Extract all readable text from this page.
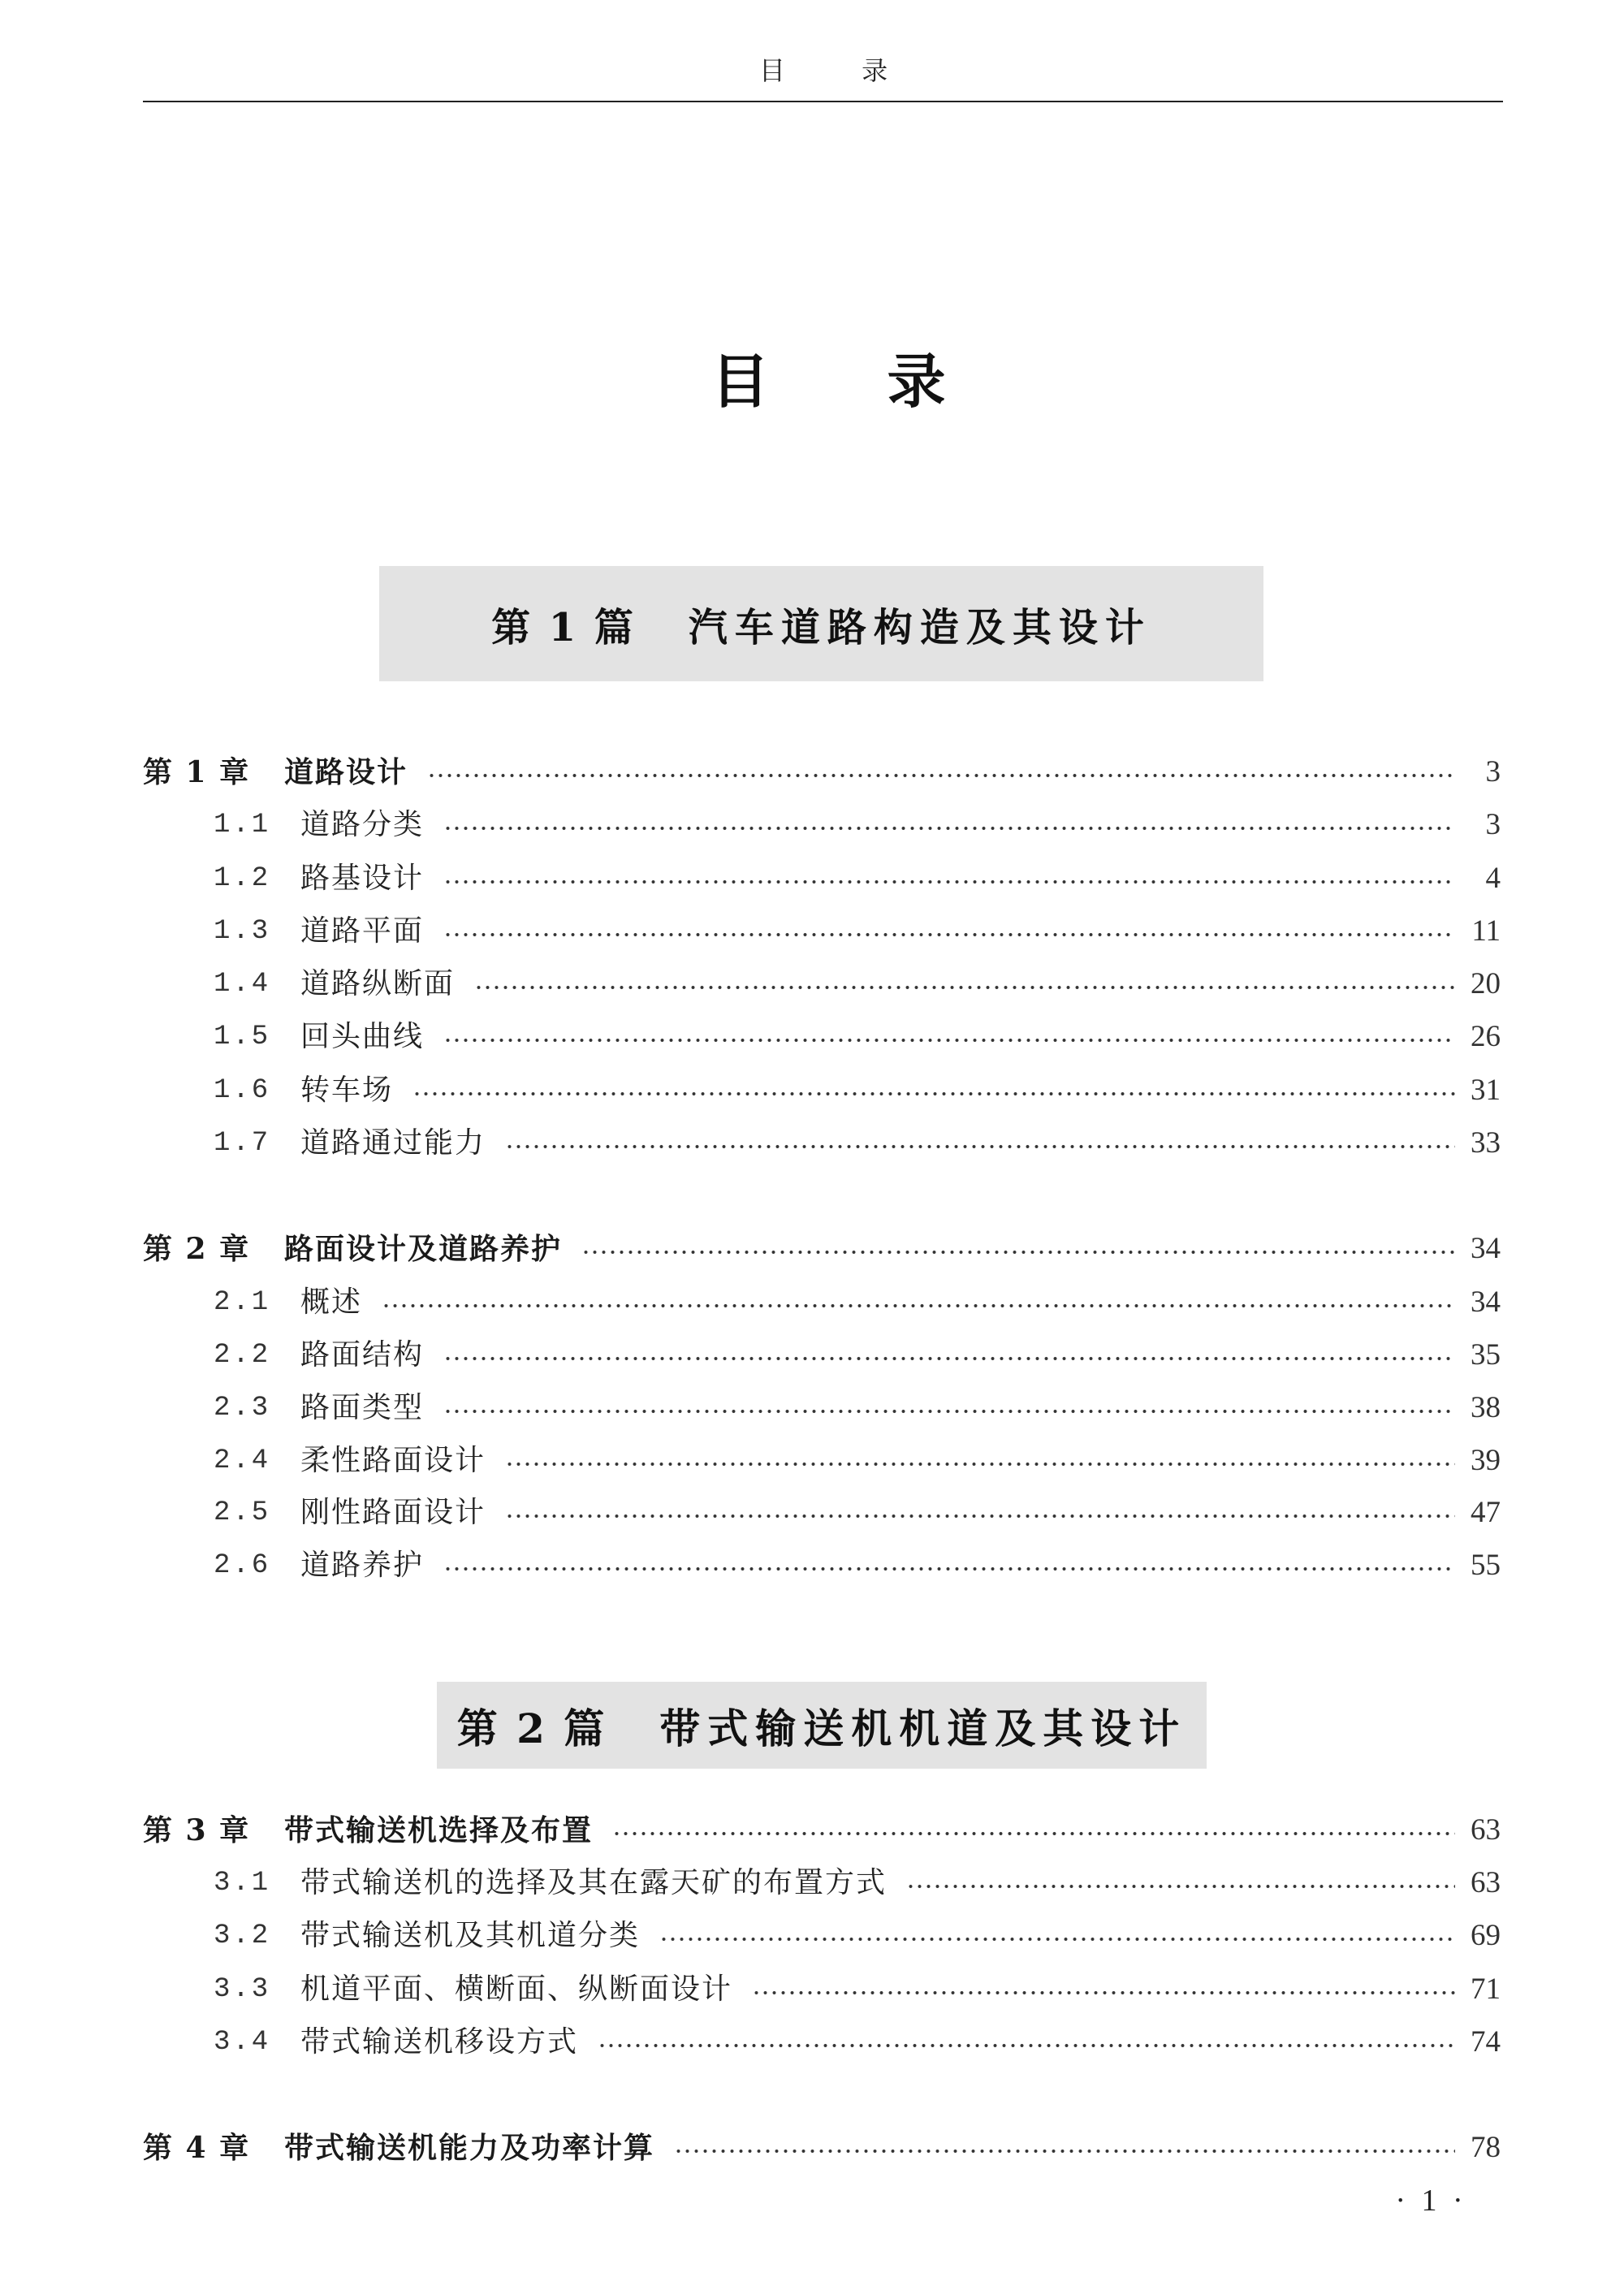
目 录
目 录
第 1 篇 汽车道路构造及其设计
第 1 章	道路设计	3
1.1	道路分类	3
1.2	路基设计	4
1.3	道路平面	11
1.4	道路纵断面	20
1.5	回头曲线	26
1.6	转车场	31
1.7	道路通过能力	33
第 2 章	路面设计及道路养护	34
2.1	概述	34
2.2	路面结构	35
2.3	路面类型	38
2.4	柔性路面设计	39
2.5	刚性路面设计	47
2.6	道路养护	55
第 2 篇 带式输送机机道及其设计
第 3 章	带式输送机选择及布置	63
3.1	带式输送机的选择及其在露天矿的布置方式	63
3.2	带式输送机及其机道分类	69
3.3	机道平面、横断面、纵断面设计	71
3.4	带式输送机移设方式	74
第 4 章	带式输送机能力及功率计算	78
· 1 ·
